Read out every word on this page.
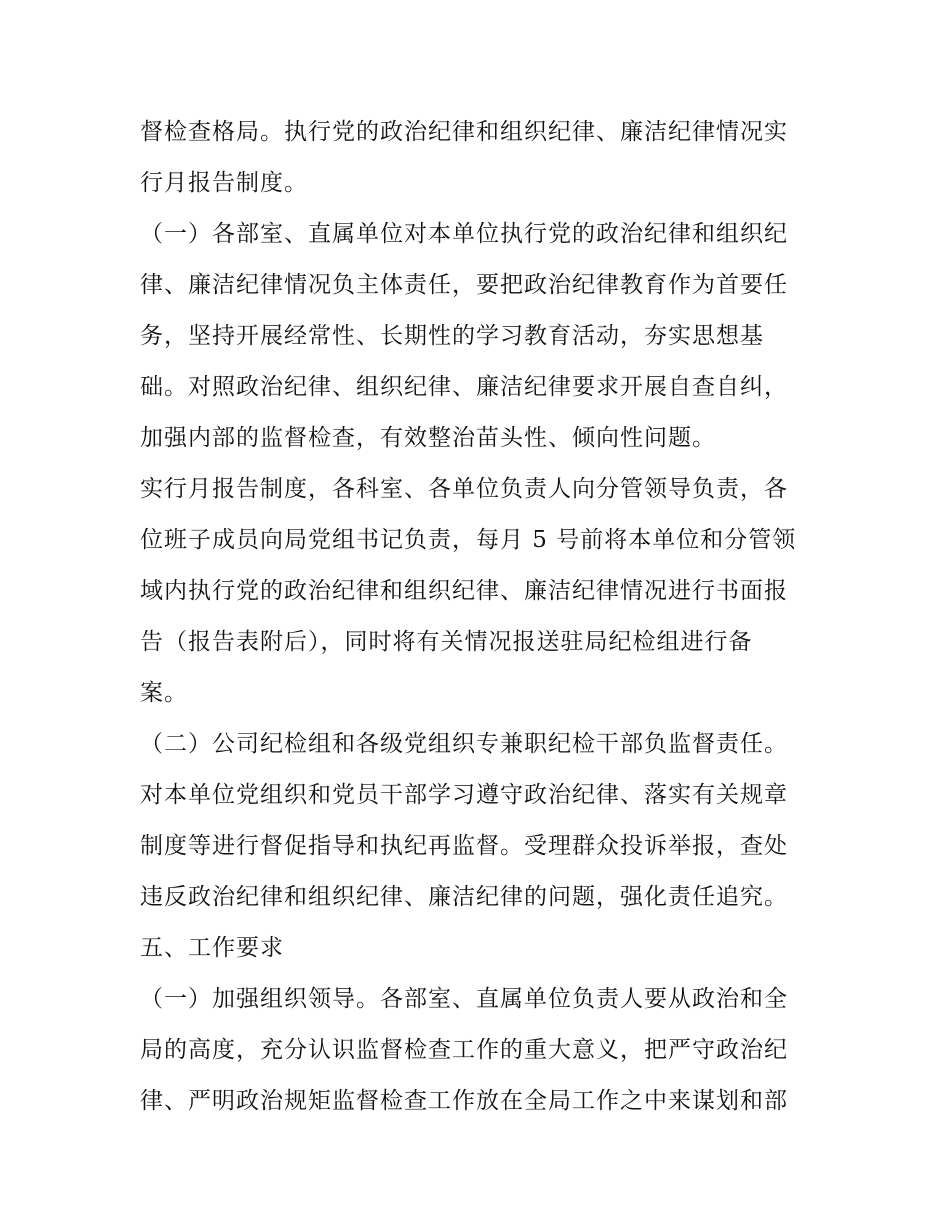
督检查格局。执行党的政治纪律和组织纪律、廉洁纪律情况实
行月报告制度。
（一）各部室、直属单位对本单位执行党的政治纪律和组织纪
律、廉洁纪律情况负主体责任，要把政治纪律教育作为首要任
务，坚持开展经常性、长期性的学习教育活动，夯实思想基
础。对照政治纪律、组织纪律、廉洁纪律要求开展自查自纠，
加强内部的监督检查，有效整治苗头性、倾向性问题。
实行月报告制度，各科室、各单位负责人向分管领导负责，各
位班子成员向局党组书记负责，每月 5 号前将本单位和分管领
域内执行党的政治纪律和组织纪律、廉洁纪律情况进行书面报
告（报告表附后），同时将有关情况报送驻局纪检组进行备
案。
（二）公司纪检组和各级党组织专兼职纪检干部负监督责任。
对本单位党组织和党员干部学习遵守政治纪律、落实有关规章
制度等进行督促指导和执纪再监督。受理群众投诉举报，查处
违反政治纪律和组织纪律、廉洁纪律的问题，强化责任追究。
五、工作要求
（一）加强组织领导。各部室、直属单位负责人要从政治和全
局的高度，充分认识监督检查工作的重大意义，把严守政治纪
律、严明政治规矩监督检查工作放在全局工作之中来谋划和部
